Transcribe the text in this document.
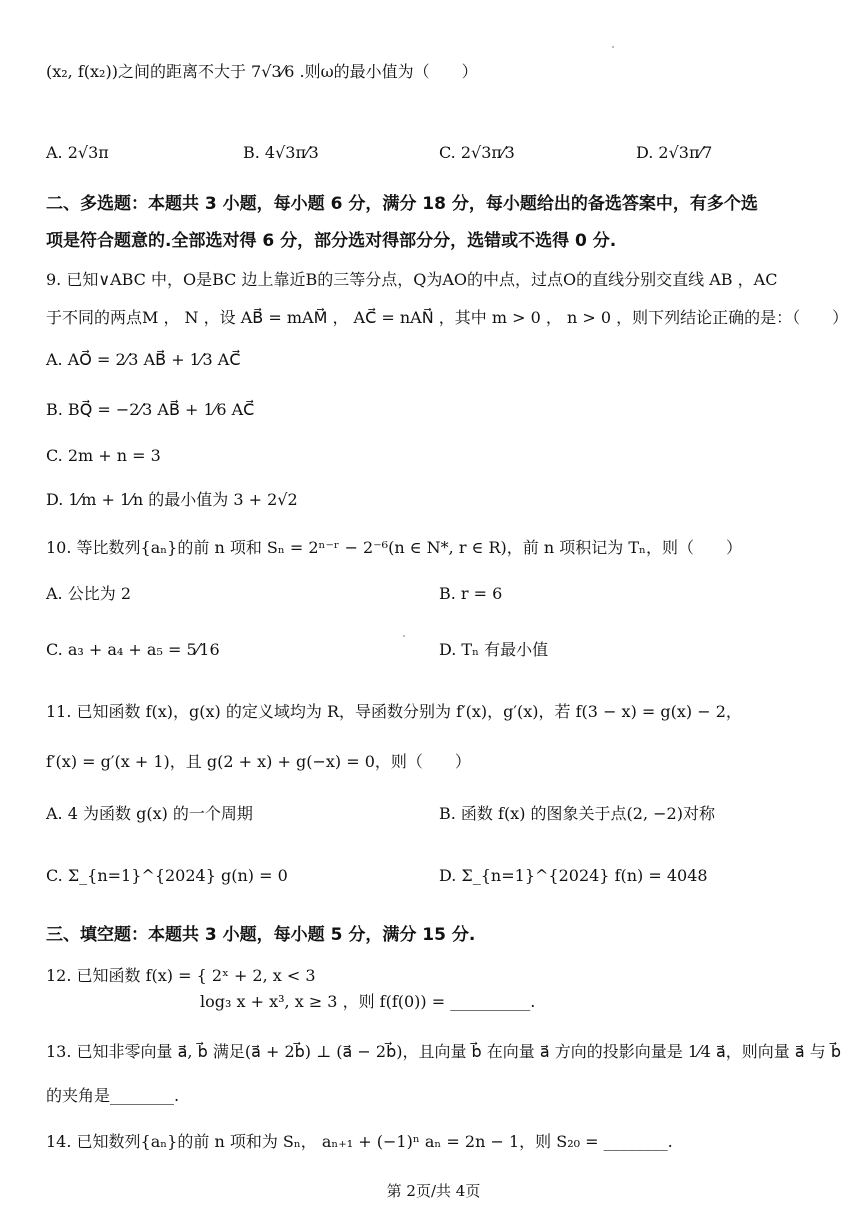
(x₂, f(x₂))之间的距离不大于 7√3⁄6 .则ω的最小值为（　　）
A. 2√3π	B. 4√3π⁄3	C. 2√3π⁄3	D. 2√3π⁄7
二、多选题：本题共 3 小题，每小题 6 分，满分 18 分，每小题给出的备选答案中，有多个选
项是符合题意的.全部选对得 6 分，部分选对得部分分，选错或不选得 0 分.
9. 已知∨ABC 中，O是BC 边上靠近B的三等分点，Q为AO的中点，过点O的直线分别交直线 AB ，AC
于不同的两点M ， N ，设 AB⃗ = mAM⃗ ， AC⃗ = nAN⃗ ，其中 m > 0 ， n > 0 ，则下列结论正确的是：（　　）
A. AO⃗ = 2⁄3 AB⃗ + 1⁄3 AC⃗
B. BQ⃗ = −2⁄3 AB⃗ + 1⁄6 AC⃗
C. 2m + n = 3
D. 1⁄m + 1⁄n 的最小值为 3 + 2√2
10. 等比数列{aₙ}的前 n 项和 Sₙ = 2ⁿ⁻ʳ − 2⁻⁶(n ∈ N*, r ∈ R)，前 n 项积记为 Tₙ，则（　　）
A. 公比为 2	B. r = 6
C. a₃ + a₄ + a₅ = 5⁄16	D. Tₙ 有最小值
11. 已知函数 f(x)，g(x) 的定义域均为 R，导函数分别为 f′(x)，g′(x)，若 f(3 − x) = g(x) − 2，
f′(x) = g′(x + 1)，且 g(2 + x) + g(−x) = 0，则（　　）
A. 4 为函数 g(x) 的一个周期	B. 函数 f(x) 的图象关于点(2, −2)对称
C. Σ_{n=1}^{2024} g(n) = 0	D. Σ_{n=1}^{2024} f(n) = 4048
三、填空题：本题共 3 小题，每小题 5 分，满分 15 分.
12. 已知函数 f(x) = { 2ˣ + 2, x < 3
log₃ x + x³, x ≥ 3 ，则 f(f(0)) = __________.
13. 已知非零向量 a⃗, b⃗ 满足(a⃗ + 2b⃗) ⊥ (a⃗ − 2b⃗)，且向量 b⃗ 在向量 a⃗ 方向的投影向量是 1⁄4 a⃗，则向量 a⃗ 与 b⃗
的夹角是________.
14. 已知数列{aₙ}的前 n 项和为 Sₙ， aₙ₊₁ + (−1)ⁿ aₙ = 2n − 1，则 S₂₀ = ________.
第 2页/共 4页
